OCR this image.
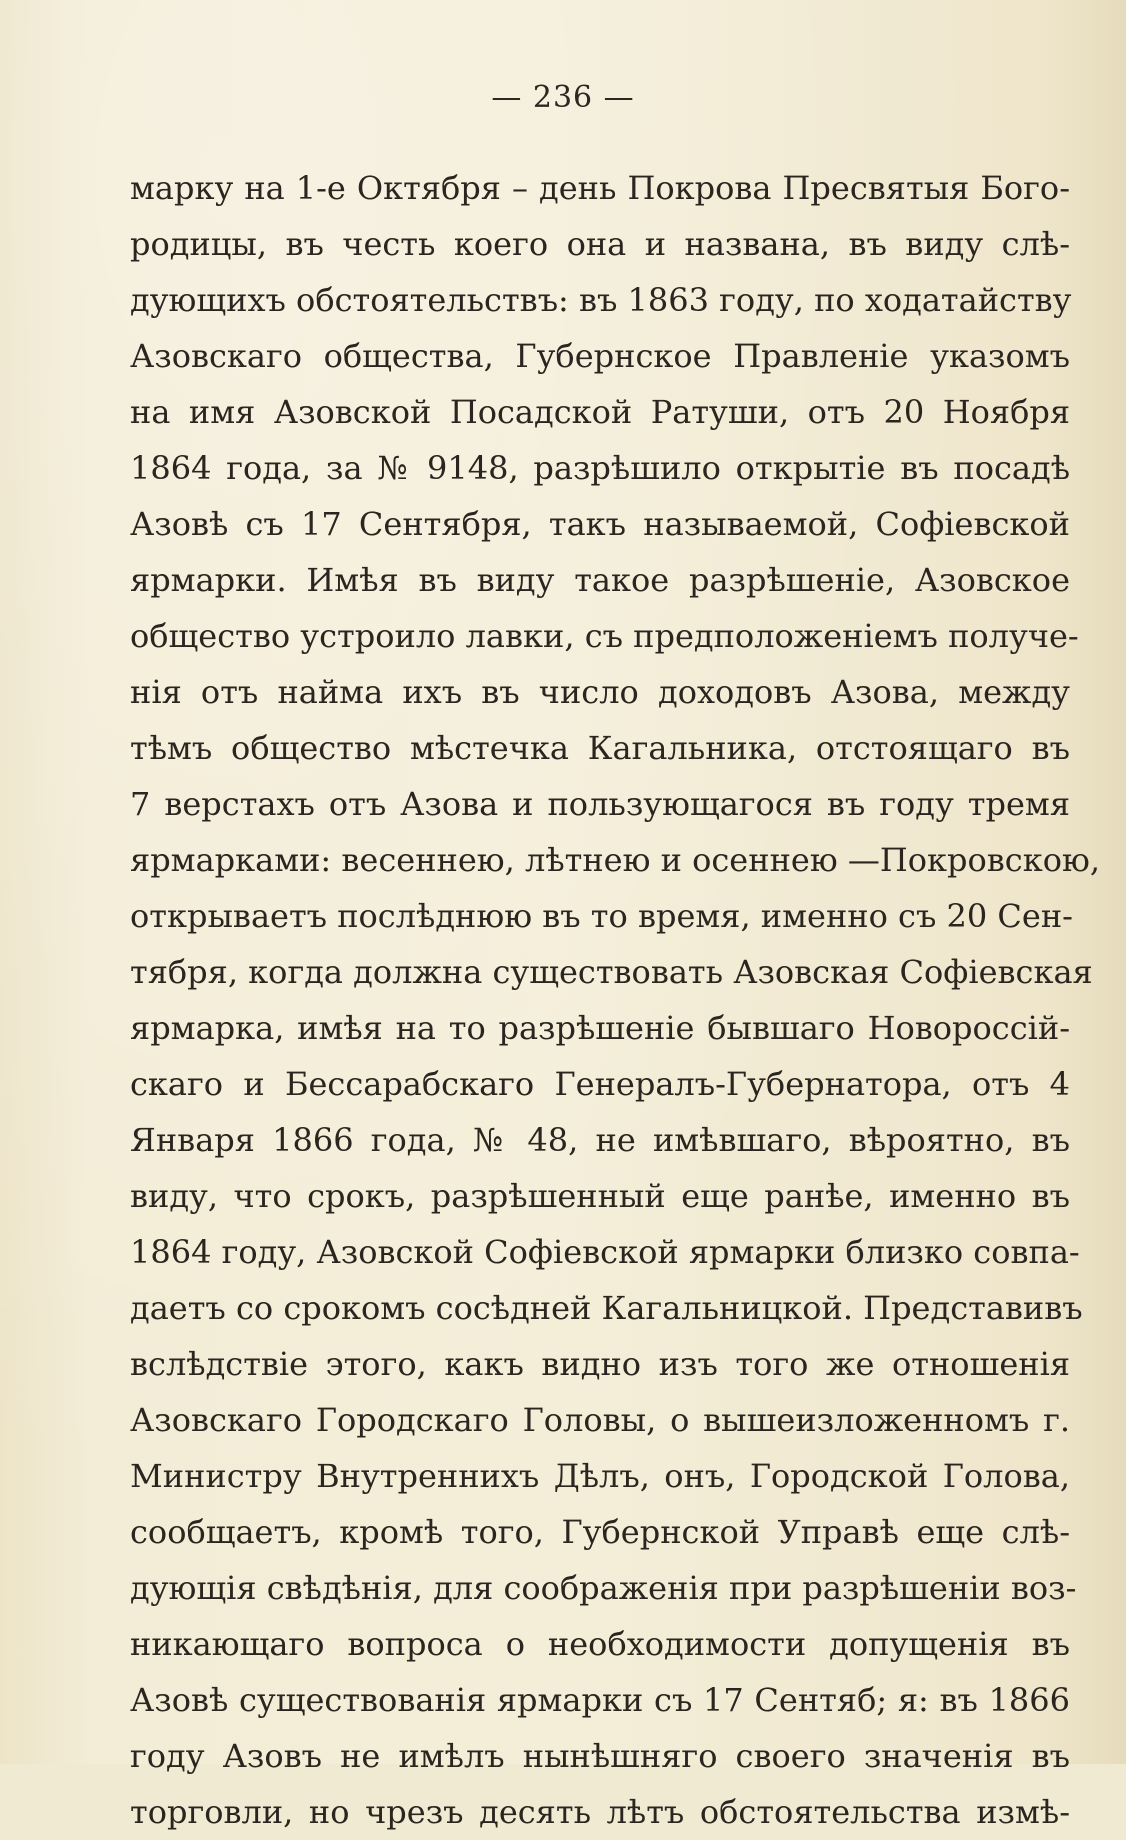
— 236 —
марку на 1-е Октября – день Покрова Пресвятыя Бого-
родицы, въ честь коего она и названа, въ виду слѣ-
дующихъ обстоятельствъ: въ 1863 году, по ходатайству
Азовскаго общества, Губернское Правленіе указомъ
на имя Азовской Посадской Ратуши, отъ 20 Ноября
1864 года, за № 9148, разрѣшило открытіе въ посадѣ
Азовѣ съ 17 Сентября, такъ называемой, Софіевской
ярмарки. Имѣя въ виду такое разрѣшеніе, Азовское
общество устроило лавки, съ предположеніемъ получе-
нія отъ найма ихъ въ число доходовъ Азова, между
тѣмъ общество мѣстечка Кагальника, отстоящаго въ
7 верстахъ отъ Азова и пользующагося въ году тремя
ярмарками: весеннею, лѣтнею и осеннею —Покровскою,
открываетъ послѣднюю въ то время, именно съ 20 Сен-
тября, когда должна существовать Азовская Софіевская
ярмарка, имѣя на то разрѣшеніе бывшаго Новороссій-
скаго и Бессарабскаго Генералъ-Губернатора, отъ 4
Января 1866 года, № 48, не имѣвшаго, вѣроятно, въ
виду, что срокъ, разрѣшенный еще ранѣе, именно въ
1864 году, Азовской Софіевской ярмарки близко совпа-
даетъ со срокомъ сосѣдней Кагальницкой. Представивъ
вслѣдствіе этого, какъ видно изъ того же отношенія
Азовскаго Городскаго Головы, о вышеизложенномъ г.
Министру Внутреннихъ Дѣлъ, онъ, Городской Голова,
сообщаетъ, кромѣ того, Губернской Управѣ еще слѣ-
дующія свѣдѣнія, для соображенія при разрѣшеніи воз-
никающаго вопроса о необходимости допущенія въ
Азовѣ существованія ярмарки съ 17 Сентяб; я: въ 1866
году Азовъ не имѣлъ нынѣшняго своего значенія въ
торговли, но чрезъ десять лѣтъ обстоятельства измѣ-
